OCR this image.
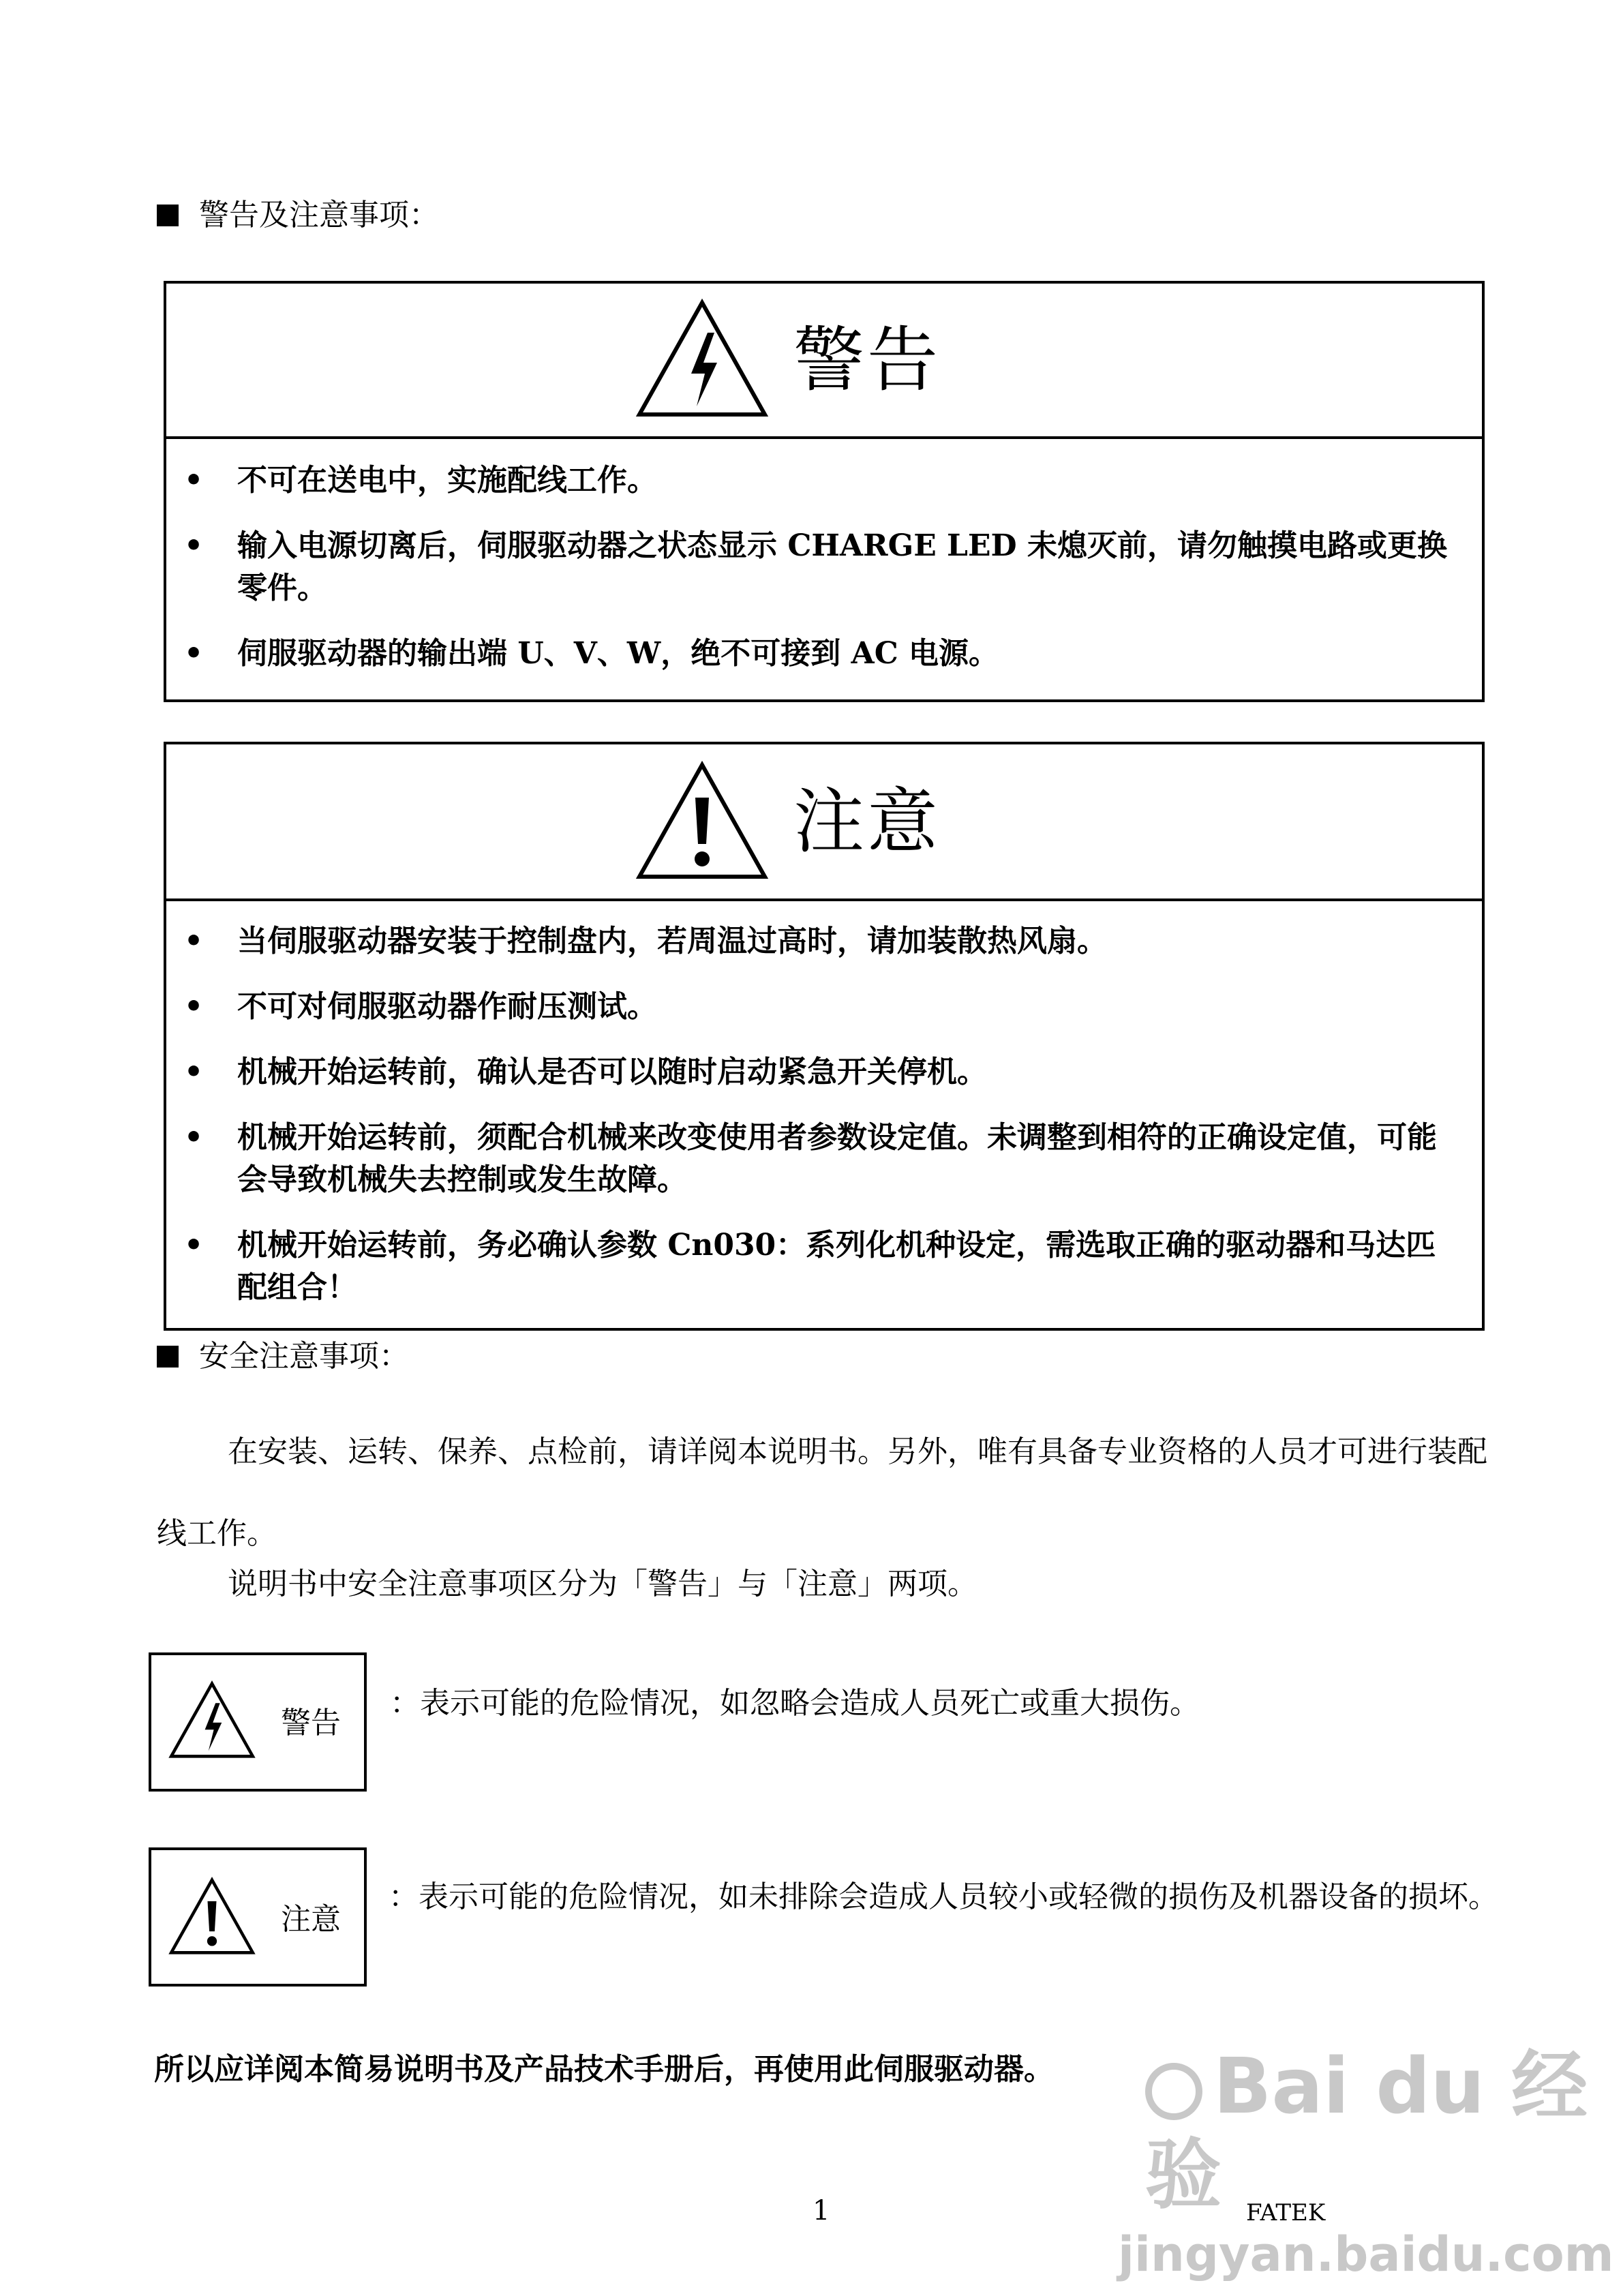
警告及注意事项：
警告
• 不可在送电中，实施配线工作。
• 输入电源切离后，伺服驱动器之状态显示 CHARGE LED 未熄灭前，请勿触摸电路或更换零件。
• 伺服驱动器的输出端 U、V、W，绝不可接到 AC 电源。
注意
• 当伺服驱动器安装于控制盘内，若周温过高时，请加装散热风扇。
• 不可对伺服驱动器作耐压测试。
• 机械开始运转前，确认是否可以随时启动紧急开关停机。
• 机械开始运转前，须配合机械来改变使用者参数设定值。未调整到相符的正确设定值，可能会导致机械失去控制或发生故障。
• 机械开始运转前，务必确认参数 Cn030：系列化机种设定，需选取正确的驱动器和马达匹配组合！
安全注意事项：
在安装、运转、保养、点检前，请详阅本说明书。另外，唯有具备专业资格的人员才可进行装配线工作。
说明书中安全注意事项区分为「警告」与「注意」两项。
警告
：表示可能的危险情况，如忽略会造成人员死亡或重大损伤。
注意
：表示可能的危险情况，如未排除会造成人员较小或轻微的损伤及机器设备的损坏。
所以应详阅本简易说明书及产品技术手册后，再使用此伺服驱动器。	Bai du 经验
1	FATEK
jingyan.baidu.com
